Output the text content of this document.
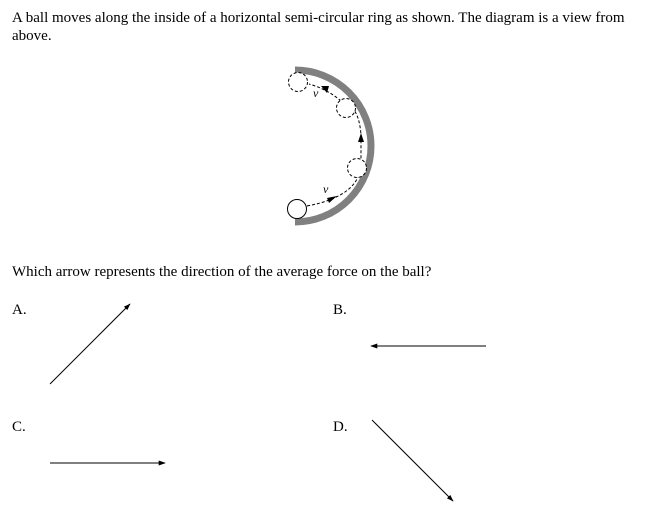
A ball moves along the inside of a horizontal semi-circular ring as shown. The diagram is a view from above.
v
v
Which arrow represents the direction of the average force on the ball?
A.	B.
C.	D.
